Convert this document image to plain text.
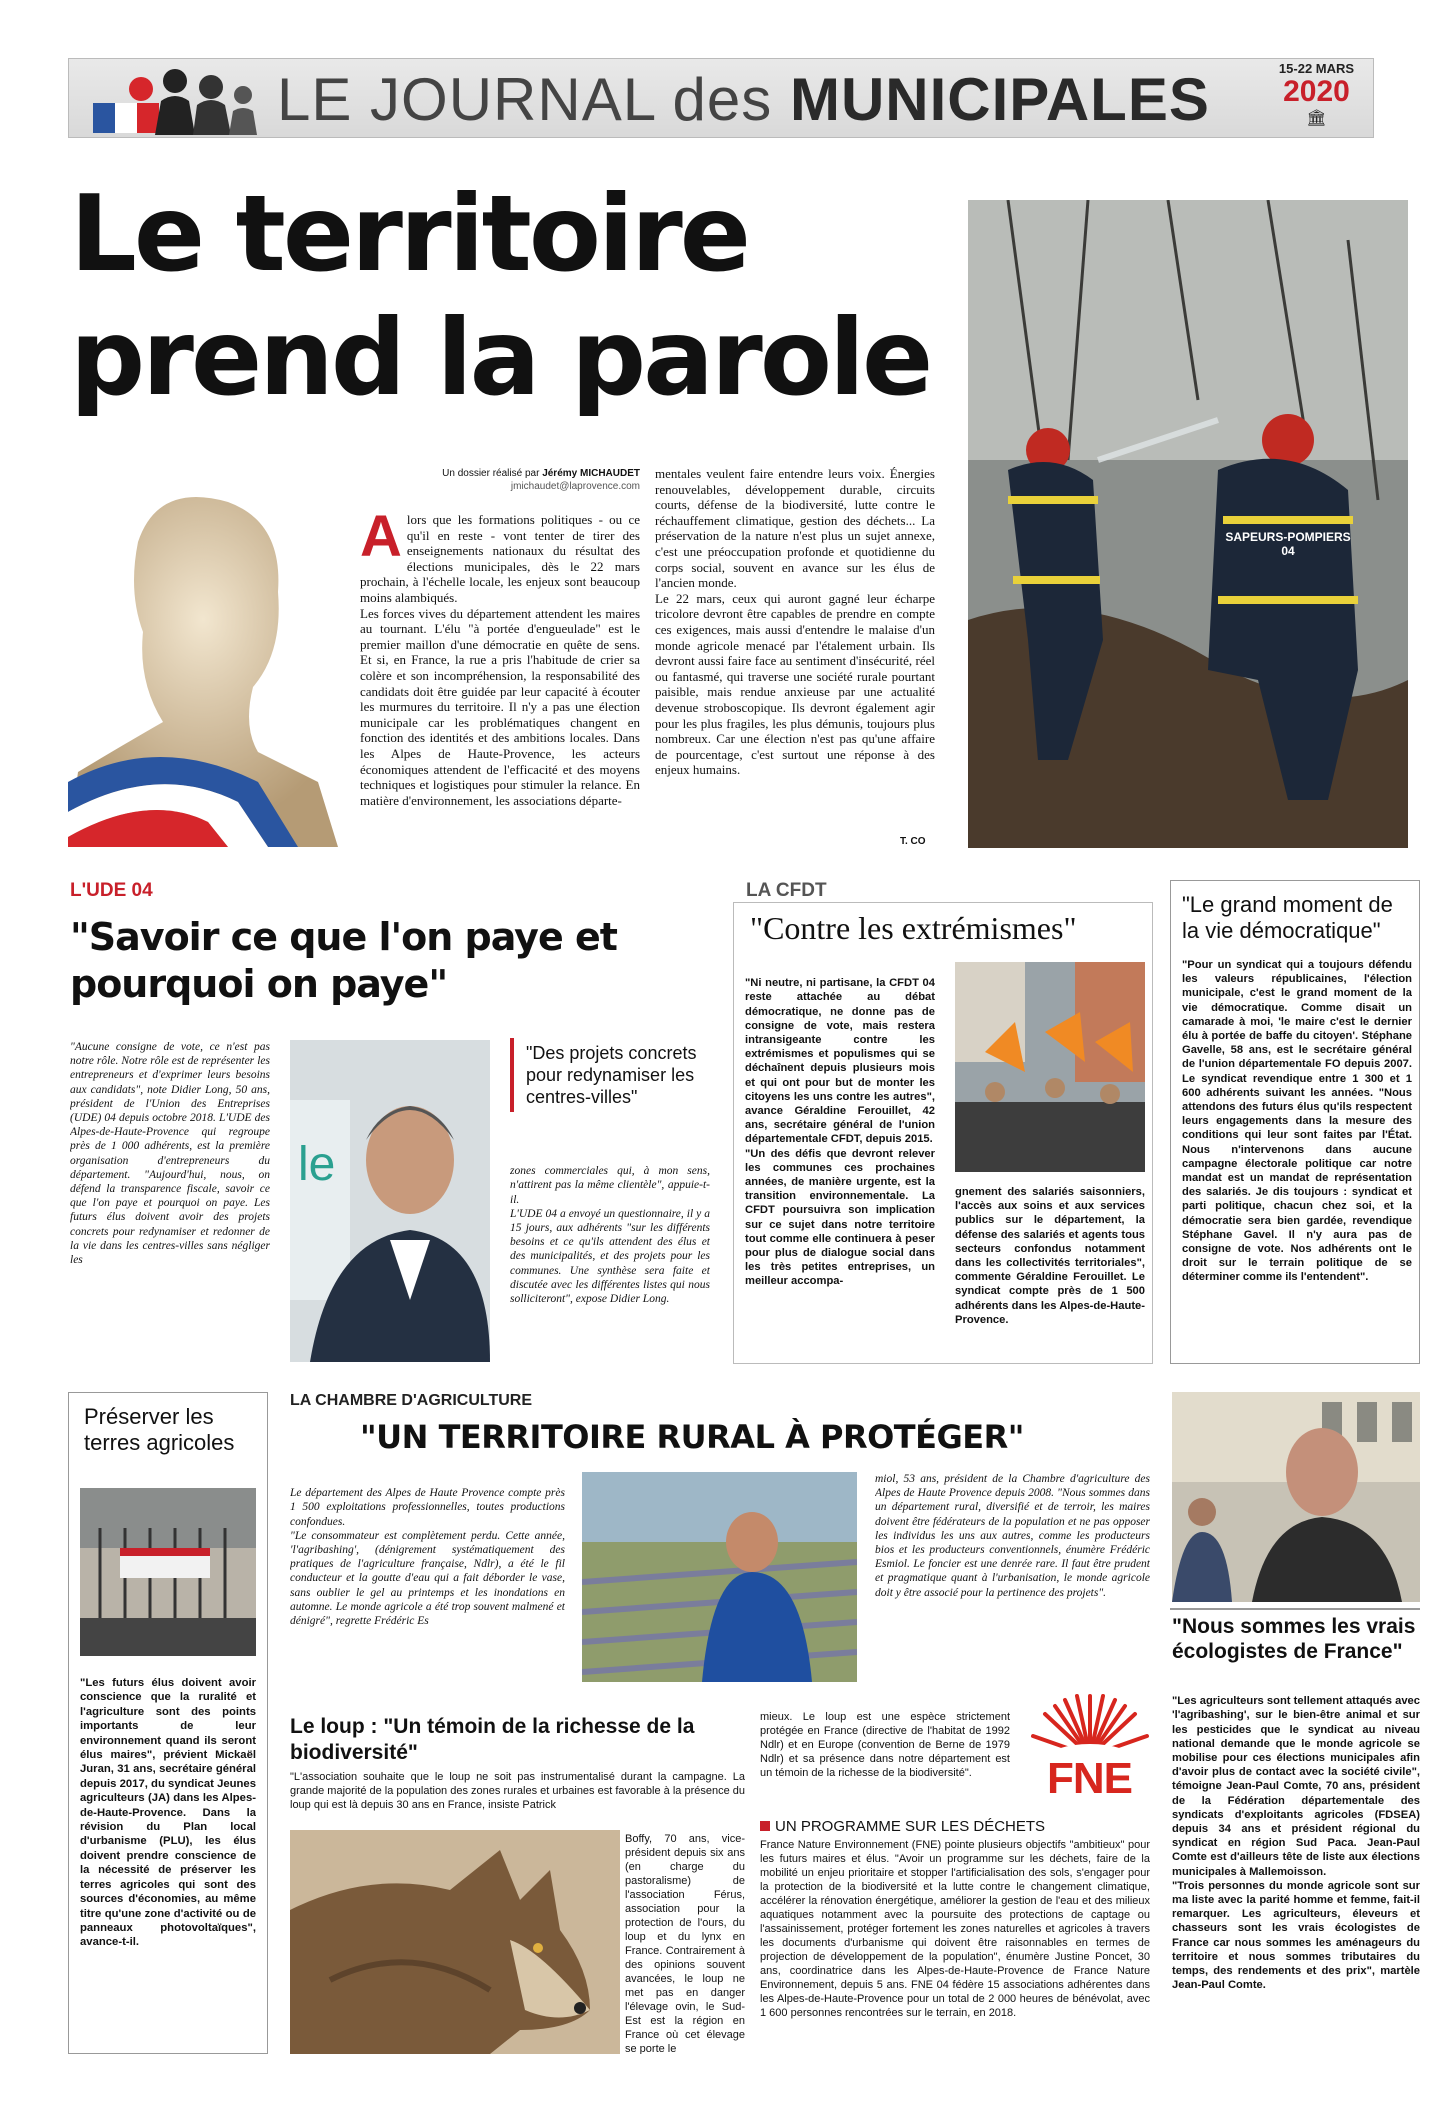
LE JOURNAL des MUNICIPALES	15-22 MARS
2020
🏛
Le territoire
prend la parole
Un dossier réalisé par Jérémy MICHAUDET
jmichaudet@laprovence.com
Alors que les formations politiques - ou ce qu'il en reste - vont tenter de tirer des enseignements nationaux du résultat des élections municipales, dès le 22 mars prochain, à l'échelle locale, les enjeux sont beaucoup moins alambiqués.
Les forces vives du département attendent les maires au tournant. L'élu "à portée d'engueulade" est le premier maillon d'une démocratie en quête de sens. Et si, en France, la rue a pris l'habitude de crier sa colère et son incompréhension, la responsabilité des candidats doit être guidée par leur capacité à écouter les murmures du territoire. Il n'y a pas une élection municipale car les problématiques changent en fonction des identités et des ambitions locales. Dans les Alpes de Haute-Provence, les acteurs économiques attendent de l'efficacité et des moyens techniques et logistiques pour stimuler la relance. En matière d'environnement, les associations départe-
mentales veulent faire entendre leurs voix. Énergies renouvelables, développement durable, circuits courts, défense de la biodiversité, lutte contre le réchauffement climatique, gestion des déchets... La préservation de la nature n'est plus un sujet annexe, c'est une préoccupation profonde et quotidienne du corps social, souvent en avance sur les élus de l'ancien monde.
Le 22 mars, ceux qui auront gagné leur écharpe tricolore devront être capables de prendre en compte ces exigences, mais aussi d'entendre le malaise d'un monde agricole menacé par l'étalement urbain. Ils devront aussi faire face au sentiment d'insécurité, réel ou fantasmé, qui traverse une société rurale pourtant paisible, mais rendue anxieuse par une actualité devenue stroboscopique. Ils devront également agir pour les plus fragiles, les plus démunis, toujours plus nombreux. Car une élection n'est pas qu'une affaire de pourcentage, c'est surtout une réponse à des enjeux humains.
T. CO
SAPEURS-POMPIERS 04
L'UDE 04
"Savoir ce que l'on paye et pourquoi on paye"
"Aucune consigne de vote, ce n'est pas notre rôle. Notre rôle est de représenter les entrepreneurs et d'exprimer leurs besoins aux candidats", note Didier Long, 50 ans, président de l'Union des Entreprises (UDE) 04 depuis octobre 2018. L'UDE des Alpes-de-Haute-Provence qui regroupe près de 1 000 adhérents, est la première organisation d'entrepreneurs du département. "Aujourd'hui, nous, on défend la transparence fiscale, savoir ce que l'on paye et pourquoi on paye. Les futurs élus doivent avoir des projets concrets pour redynamiser et redonner de la vie dans les centres-villes sans négliger les
le
"Des projets concrets pour redynamiser les centres-villes"

zones commerciales qui, à mon sens, n'attirent pas la même clientèle", appuie-t-il.
L'UDE 04 a envoyé un questionnaire, il y a 15 jours, aux adhérents "sur les différents besoins et ce qu'ils attendent des élus et des municipalités, et des projets pour les communes. Une synthèse sera faite et discutée avec les différentes listes qui nous solliciteront", expose Didier Long.

LA CFDT
"Contre les extrémismes"

"Ni neutre, ni partisane, la CFDT 04 reste attachée au débat démocratique, ne donne pas de consigne de vote, mais restera intransigeante contre les extrémismes et populismes qui se déchaînent depuis plusieurs mois et qui ont pour but de monter les citoyens les uns contre les autres", avance Géraldine Ferouillet, 42 ans, secrétaire général de l'union départementale CFDT, depuis 2015.
"Un des défis que devront relever les communes ces prochaines années, de manière urgente, est la transition environnementale. La CFDT poursuivra son implication sur ce sujet dans notre territoire tout comme elle continuera à peser pour plus de dialogue social dans les très petites entreprises, un meilleur accompa-

gnement des salariés saisonniers, l'accès aux soins et aux services publics sur le département, la défense des salariés et agents tous secteurs confondus notamment dans les collectivités territoriales", commente Géraldine Ferouillet. Le syndicat compte près de 1 500 adhérents dans les Alpes-de-Haute-Provence.
"Le grand moment de la vie démocratique"
"Pour un syndicat qui a toujours défendu les valeurs républicaines, l'élection municipale, c'est le grand moment de la vie démocratique. Comme disait un camarade à moi, 'le maire c'est le dernier élu à portée de baffe du citoyen'. Stéphane Gavelle, 58 ans, est le secrétaire général de l'union départementale FO depuis 2007. Le syndicat revendique entre 1 300 et 1 600 adhérents suivant les années. "Nous attendons des futurs élus qu'ils respectent leurs engagements dans la mesure des conditions qui leur sont faites par l'État. Nous n'intervenons dans aucune campagne électorale politique car notre mandat est un mandat de représentation des salariés. Je dis toujours : syndicat et parti politique, chacun chez soi, et la démocratie sera bien gardée, revendique Stéphane Gavel. Il n'y aura pas de consigne de vote. Nos adhérents ont le droit sur le terrain politique de se déterminer comme ils l'entendent".
Préserver les terres agricoles
"Les futurs élus doivent avoir conscience que la ruralité et l'agriculture sont des points importants de leur environnement quand ils seront élus maires", prévient Mickaël Juran, 31 ans, secrétaire général depuis 2017, du syndicat Jeunes agriculteurs (JA) dans les Alpes-de-Haute-Provence. Dans la révision du Plan local d'urbanisme (PLU), les élus doivent prendre conscience de la nécessité de préserver les terres agricoles qui sont des sources d'économies, au même titre qu'une zone d'activité ou de panneaux photovoltaïques", avance-t-il.
LA CHAMBRE D'AGRICULTURE
"UN TERRITOIRE RURAL À PROTÉGER"

Le département des Alpes de Haute Provence compte près 1 500 exploitations professionnelles, toutes productions confondues.
"Le consommateur est complètement perdu. Cette année, 'l'agribashing', (dénigrement systématiquement des pratiques de l'agriculture française, Ndlr), a été le fil conducteur et la goutte d'eau qui a fait déborder le vase, sans oublier le gel au printemps et les inondations en automne. Le monde agricole a été trop souvent malmené et dénigré", regrette Frédéric Es

miol, 53 ans, président de la Chambre d'agriculture des Alpes de Haute Provence depuis 2008. "Nous sommes dans un département rural, diversifié et de terroir, les maires doivent être fédérateurs de la population et ne pas opposer les individus les uns aux autres, comme les producteurs bios et les producteurs conventionnels, énumère Frédéric Esmiol. Le foncier est une denrée rare. Il faut être prudent et pragmatique quant à l'urbanisation, le monde agricole doit y être associé pour la pertinence des projets".
Le loup : "Un témoin de la richesse de la biodiversité"
"L'association souhaite que le loup ne soit pas instrumentalisé durant la campagne. La grande majorité de la population des zones rurales et urbaines est favorable à la présence du loup qui est là depuis 30 ans en France, insiste Patrick
Boffy, 70 ans, vice-président depuis six ans (en charge du pastoralisme) de l'association Férus, association pour la protection de l'ours, du loup et du lynx en France. Contrairement à des opinions souvent avancées, le loup ne met pas en danger l'élevage ovin, le Sud-Est est la région en France où cet élevage se porte le
mieux. Le loup est une espèce strictement protégée en France (directive de l'habitat de 1992 Ndlr) et en Europe (convention de Berne de 1979 Ndlr) et sa présence dans notre département est un témoin de la richesse de la biodiversité".	FNE
UN PROGRAMME SUR LES DÉCHETS
France Nature Environnement (FNE) pointe plusieurs objectifs "ambitieux" pour les futurs maires et élus. "Avoir un programme sur les déchets, faire de la mobilité un enjeu prioritaire et stopper l'artificialisation des sols, s'engager pour la protection de la biodiversité et la lutte contre le changement climatique, accélérer la rénovation énergétique, améliorer la gestion de l'eau et des milieux aquatiques notamment avec la poursuite des protections de captage ou l'assainissement, protéger fortement les zones naturelles et agricoles à travers les documents d'urbanisme qui doivent être raisonnables en termes de projection de développement de la population", énumère Justine Poncet, 30 ans, coordinatrice dans les Alpes-de-Haute-Provence de France Nature Environnement, depuis 5 ans. FNE 04 fédère 15 associations adhérentes dans les Alpes-de-Haute-Provence pour un total de 2 000 heures de bénévolat, avec 1 600 personnes rencontrées sur le terrain, en 2018.
"Nous sommes les vrais écologistes de France"

"Les agriculteurs sont tellement attaqués avec 'l'agribashing', sur le bien-être animal et sur les pesticides que le syndicat au niveau national demande que le monde agricole se mobilise pour ces élections municipales afin d'avoir plus de contact avec la société civile", témoigne Jean-Paul Comte, 70 ans, président de la Fédération départementale des syndicats d'exploitants agricoles (FDSEA) depuis 34 ans et président régional du syndicat en région Sud Paca. Jean-Paul Comte est d'ailleurs tête de liste aux élections municipales à Mallemoisson.
"Trois personnes du monde agricole sont sur ma liste avec la parité homme et femme, fait-il remarquer. Les agriculteurs, éleveurs et chasseurs sont les vrais écologistes de France car nous sommes les aménageurs du territoire et nous sommes tributaires du temps, des rendements et des prix", martèle Jean-Paul Comte.
